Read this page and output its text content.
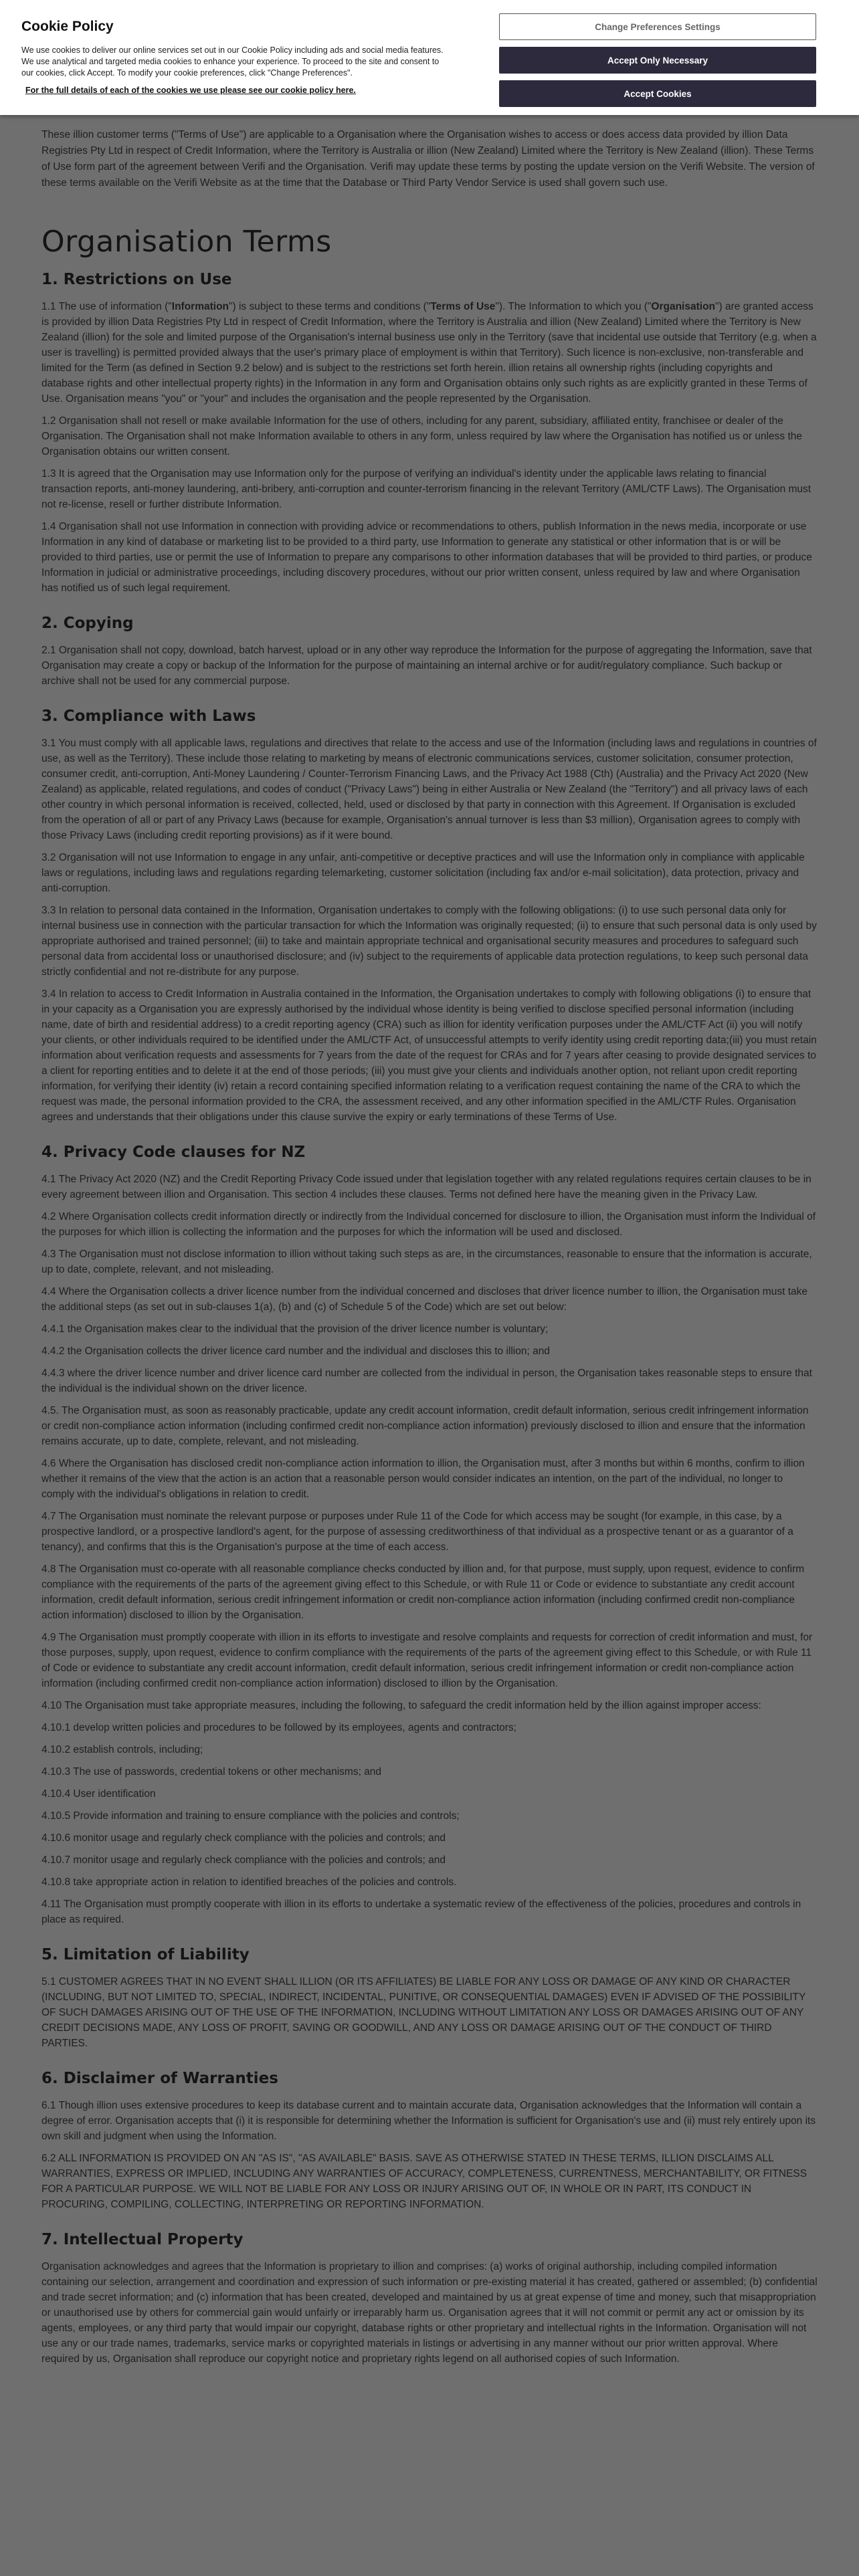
These illion customer terms ("Terms of Use") are applicable to a Organisation where the Organisation wishes to access or does access data provided by illion Data Registries Pty Ltd in respect of Credit Information, where the Territory is Australia or illion (New Zealand) Limited where the Territory is New Zealand (illion). These Terms of Use form part of the agreement between Verifi and the Organisation. Verifi may update these terms by posting the update version on the Verifi Website. The version of these terms available on the Verifi Website as at the time that the Database or Third Party Vendor Service is used shall govern such use.

Organisation Terms
1. Restrictions on Use

1.1 The use of information ("Information") is subject to these terms and conditions ("Terms of Use"). The Information to which you ("Organisation") are granted access is provided by illion Data Registries Pty Ltd in respect of Credit Information, where the Territory is Australia and illion (New Zealand) Limited where the Territory is New Zealand (illion) for the sole and limited purpose of the Organisation's internal business use only in the Territory (save that incidental use outside that Territory (e.g. when a user is travelling) is permitted provided always that the user's primary place of employment is within that Territory). Such licence is non-exclusive, non-transferable and limited for the Term (as defined in Section 9.2 below) and is subject to the restrictions set forth herein. illion retains all ownership rights (including copyrights and database rights and other intellectual property rights) in the Information in any form and Organisation obtains only such rights as are explicitly granted in these Terms of Use. Organisation means "you" or "your" and includes the organisation and the people represented by the Organisation.

1.2 Organisation shall not resell or make available Information for the use of others, including for any parent, subsidiary, affiliated entity, franchisee or dealer of the Organisation. The Organisation shall not make Information available to others in any form, unless required by law where the Organisation has notified us or unless the Organisation obtains our written consent.

1.3 It is agreed that the Organisation may use Information only for the purpose of verifying an individual's identity under the applicable laws relating to financial transaction reports, anti-money laundering, anti-bribery, anti-corruption and counter-terrorism financing in the relevant Territory (AML/CTF Laws). The Organisation must not re-license, resell or further distribute Information.

1.4 Organisation shall not use Information in connection with providing advice or recommendations to others, publish Information in the news media, incorporate or use Information in any kind of database or marketing list to be provided to a third party, use Information to generate any statistical or other information that is or will be provided to third parties, use or permit the use of Information to prepare any comparisons to other information databases that will be provided to third parties, or produce Information in judicial or administrative proceedings, including discovery procedures, without our prior written consent, unless required by law and where Organisation has notified us of such legal requirement.

2. Copying

2.1 Organisation shall not copy, download, batch harvest, upload or in any other way reproduce the Information for the purpose of aggregating the Information, save that Organisation may create a copy or backup of the Information for the purpose of maintaining an internal archive or for audit/regulatory compliance. Such backup or archive shall not be used for any commercial purpose.

3. Compliance with Laws

3.1 You must comply with all applicable laws, regulations and directives that relate to the access and use of the Information (including laws and regulations in countries of use, as well as the Territory). These include those relating to marketing by means of electronic communications services, customer solicitation, consumer protection, consumer credit, anti-corruption, Anti-Money Laundering / Counter-Terrorism Financing Laws, and the Privacy Act 1988 (Cth) (Australia) and the Privacy Act 2020 (New Zealand) as applicable, related regulations, and codes of conduct ("Privacy Laws") being in either Australia or New Zealand (the "Territory") and all privacy laws of each other country in which personal information is received, collected, held, used or disclosed by that party in connection with this Agreement. If Organisation is excluded from the operation of all or part of any Privacy Laws (because for example, Organisation's annual turnover is less than $3 million), Organisation agrees to comply with those Privacy Laws (including credit reporting provisions) as if it were bound.

3.2 Organisation will not use Information to engage in any unfair, anti-competitive or deceptive practices and will use the Information only in compliance with applicable laws or regulations, including laws and regulations regarding telemarketing, customer solicitation (including fax and/or e-mail solicitation), data protection, privacy and anti-corruption.

3.3 In relation to personal data contained in the Information, Organisation undertakes to comply with the following obligations: (i) to use such personal data only for internal business use in connection with the particular transaction for which the Information was originally requested; (ii) to ensure that such personal data is only used by appropriate authorised and trained personnel; (iii) to take and maintain appropriate technical and organisational security measures and procedures to safeguard such personal data from accidental loss or unauthorised disclosure; and (iv) subject to the requirements of applicable data protection regulations, to keep such personal data strictly confidential and not re-distribute for any purpose.

3.4 In relation to access to Credit Information in Australia contained in the Information, the Organisation undertakes to comply with following obligations (i) to ensure that in your capacity as a Organisation you are expressly authorised by the individual whose identity is being verified to disclose specified personal information (including name, date of birth and residential address) to a credit reporting agency (CRA) such as illion for identity verification purposes under the AML/CTF Act (ii) you will notify your clients, or other individuals required to be identified under the AML/CTF Act, of unsuccessful attempts to verify identity using credit reporting data;(iii) you must retain information about verification requests and assessments for 7 years from the date of the request for CRAs and for 7 years after ceasing to provide designated services to a client for reporting entities and to delete it at the end of those periods; (iii) you must give your clients and individuals another option, not reliant upon credit reporting information, for verifying their identity (iv) retain a record containing specified information relating to a verification request containing the name of the CRA to which the request was made, the personal information provided to the CRA, the assessment received, and any other information specified in the AML/CTF Rules. Organisation agrees and understands that their obligations under this clause survive the expiry or early terminations of these Terms of Use.

4. Privacy Code clauses for NZ

4.1 The Privacy Act 2020 (NZ) and the Credit Reporting Privacy Code issued under that legislation together with any related regulations requires certain clauses to be in every agreement between illion and Organisation. This section 4 includes these clauses. Terms not defined here have the meaning given in the Privacy Law.

4.2 Where Organisation collects credit information directly or indirectly from the Individual concerned for disclosure to illion, the Organisation must inform the Individual of the purposes for which illion is collecting the information and the purposes for which the information will be used and disclosed.

4.3 The Organisation must not disclose information to illion without taking such steps as are, in the circumstances, reasonable to ensure that the information is accurate, up to date, complete, relevant, and not misleading.

4.4 Where the Organisation collects a driver licence number from the individual concerned and discloses that driver licence number to illion, the Organisation must take the additional steps (as set out in sub-clauses 1(a), (b) and (c) of Schedule 5 of the Code) which are set out below:

4.4.1 the Organisation makes clear to the individual that the provision of the driver licence number is voluntary;

4.4.2 the Organisation collects the driver licence card number and the individual and discloses this to illion; and

4.4.3 where the driver licence number and driver licence card number are collected from the individual in person, the Organisation takes reasonable steps to ensure that the individual is the individual shown on the driver licence.

4.5. The Organisation must, as soon as reasonably practicable, update any credit account information, credit default information, serious credit infringement information or credit non-compliance action information (including confirmed credit non-compliance action information) previously disclosed to illion and ensure that the information remains accurate, up to date, complete, relevant, and not misleading.

4.6 Where the Organisation has disclosed credit non-compliance action information to illion, the Organisation must, after 3 months but within 6 months, confirm to illion whether it remains of the view that the action is an action that a reasonable person would consider indicates an intention, on the part of the individual, no longer to comply with the individual's obligations in relation to credit.

4.7 The Organisation must nominate the relevant purpose or purposes under Rule 11 of the Code for which access may be sought (for example, in this case, by a prospective landlord, or a prospective landlord's agent, for the purpose of assessing creditworthiness of that individual as a prospective tenant or as a guarantor of a tenancy), and confirms that this is the Organisation's purpose at the time of each access.

4.8 The Organisation must co-operate with all reasonable compliance checks conducted by illion and, for that purpose, must supply, upon request, evidence to confirm compliance with the requirements of the parts of the agreement giving effect to this Schedule, or with Rule 11 or Code or evidence to substantiate any credit account information, credit default information, serious credit infringement information or credit non-compliance action information (including confirmed credit non-compliance action information) disclosed to illion by the Organisation.

4.9 The Organisation must promptly cooperate with illion in its efforts to investigate and resolve complaints and requests for correction of credit information and must, for those purposes, supply, upon request, evidence to confirm compliance with the requirements of the parts of the agreement giving effect to this Schedule, or with Rule 11 of Code or evidence to substantiate any credit account information, credit default information, serious credit infringement information or credit non-compliance action information (including confirmed credit non-compliance action information) disclosed to illion by the Organisation.

4.10 The Organisation must take appropriate measures, including the following, to safeguard the credit information held by the illion against improper access:

4.10.1 develop written policies and procedures to be followed by its employees, agents and contractors;

4.10.2 establish controls, including;

4.10.3 The use of passwords, credential tokens or other mechanisms; and

4.10.4 User identification

4.10.5 Provide information and training to ensure compliance with the policies and controls;

4.10.6 monitor usage and regularly check compliance with the policies and controls; and

4.10.7 monitor usage and regularly check compliance with the policies and controls; and

4.10.8 take appropriate action in relation to identified breaches of the policies and controls.

4.11 The Organisation must promptly cooperate with illion in its efforts to undertake a systematic review of the effectiveness of the policies, procedures and controls in place as required.

5. Limitation of Liability

5.1 CUSTOMER AGREES THAT IN NO EVENT SHALL ILLION (OR ITS AFFILIATES) BE LIABLE FOR ANY LOSS OR DAMAGE OF ANY KIND OR CHARACTER (INCLUDING, BUT NOT LIMITED TO, SPECIAL, INDIRECT, INCIDENTAL, PUNITIVE, OR CONSEQUENTIAL DAMAGES) EVEN IF ADVISED OF THE POSSIBILITY OF SUCH DAMAGES ARISING OUT OF THE USE OF THE INFORMATION, INCLUDING WITHOUT LIMITATION ANY LOSS OR DAMAGES ARISING OUT OF ANY CREDIT DECISIONS MADE, ANY LOSS OF PROFIT, SAVING OR GOODWILL, AND ANY LOSS OR DAMAGE ARISING OUT OF THE CONDUCT OF THIRD PARTIES.

6. Disclaimer of Warranties

6.1 Though illion uses extensive procedures to keep its database current and to maintain accurate data, Organisation acknowledges that the Information will contain a degree of error. Organisation accepts that (i) it is responsible for determining whether the Information is sufficient for Organisation's use and (ii) must rely entirely upon its own skill and judgment when using the Information.

6.2 ALL INFORMATION IS PROVIDED ON AN "AS IS", "AS AVAILABLE" BASIS. SAVE AS OTHERWISE STATED IN THESE TERMS, ILLION DISCLAIMS ALL WARRANTIES, EXPRESS OR IMPLIED, INCLUDING ANY WARRANTIES OF ACCURACY, COMPLETENESS, CURRENTNESS, MERCHANTABILITY, OR FITNESS FOR A PARTICULAR PURPOSE. WE WILL NOT BE LIABLE FOR ANY LOSS OR INJURY ARISING OUT OF, IN WHOLE OR IN PART, ITS CONDUCT IN PROCURING, COMPILING, COLLECTING, INTERPRETING OR REPORTING INFORMATION.

7. Intellectual Property

Organisation acknowledges and agrees that the Information is proprietary to illion and comprises: (a) works of original authorship, including compiled information containing our selection, arrangement and coordination and expression of such information or pre-existing material it has created, gathered or assembled; (b) confidential and trade secret information; and (c) information that has been created, developed and maintained by us at great expense of time and money, such that misappropriation or unauthorised use by others for commercial gain would unfairly or irreparably harm us. Organisation agrees that it will not commit or permit any act or omission by its agents, employees, or any third party that would impair our copyright, database rights or other proprietary and intellectual rights in the Information. Organisation will not use any or our trade names, trademarks, service marks or copyrighted materials in listings or advertising in any manner without our prior written approval. Where required by us, Organisation shall reproduce our copyright notice and proprietary rights legend on all authorised copies of such Information.

Cookie Policy
We use cookies to deliver our online services set out in our Cookie Policy including ads and social media features. We use analytical and targeted media cookies to enhance your experience. To proceed to the site and consent to our cookies, click Accept. To modify your cookie preferences, click "Change Preferences".
For the full details of each of the cookies we use please see our cookie policy here.
Change Preferences Settings
Accept Only Necessary
Accept Cookies
